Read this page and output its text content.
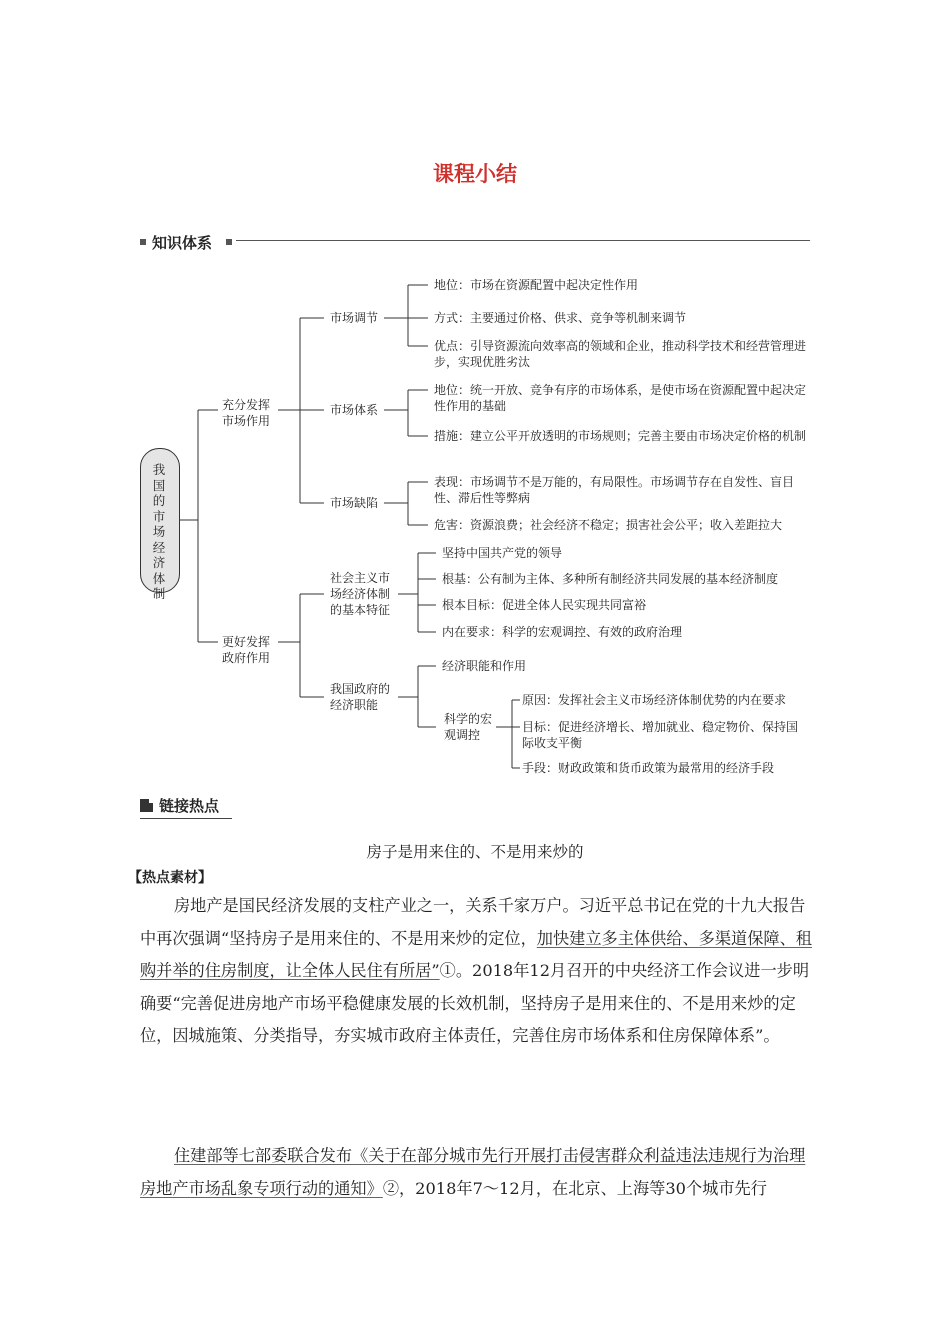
课程小结
知识体系
我国的市场经济体制
充分发挥市场作用
更好发挥政府作用
市场调节
市场体系
市场缺陷
社会主义市场经济体制的基本特征
我国政府的经济职能
地位：市场在资源配置中起决定性作用
方式：主要通过价格、供求、竞争等机制来调节
优点：引导资源流向效率高的领域和企业，推动科学技术和经营管理进步，实现优胜劣汰
地位：统一开放、竞争有序的市场体系，是使市场在资源配置中起决定性作用的基础
措施：建立公平开放透明的市场规则；完善主要由市场决定价格的机制
表现：市场调节不是万能的，有局限性。市场调节存在自发性、盲目性、滞后性等弊病
危害：资源浪费；社会经济不稳定；损害社会公平；收入差距拉大
坚持中国共产党的领导
根基：公有制为主体、多种所有制经济共同发展的基本经济制度
根本目标：促进全体人民实现共同富裕
内在要求：科学的宏观调控、有效的政府治理
经济职能和作用
科学的宏观调控
原因：发挥社会主义市场经济体制优势的内在要求
目标：促进经济增长、增加就业、稳定物价、保持国际收支平衡
手段：财政政策和货币政策为最常用的经济手段
链接热点
房子是用来住的、不是用来炒的
【热点素材】

房地产是国民经济发展的支柱产业之一，关系千家万户。习近平总书记在党的十九大报告中再次强调“坚持房子是用来住的、不是用来炒的定位，加快建立多主体供给、多渠道保障、租购并举的住房制度，让全体人民住有所居”①。2018年12月召开的中央经济工作会议进一步明确要“完善促进房地产市场平稳健康发展的长效机制，坚持房子是用来住的、不是用来炒的定位，因城施策、分类指导，夯实城市政府主体责任，完善住房市场体系和住房保障体系”。

住建部等七部委联合发布《关于在部分城市先行开展打击侵害群众利益违法违规行为治理房地产市场乱象专项行动的通知》②，2018年7～12月，在北京、上海等30个城市先行
